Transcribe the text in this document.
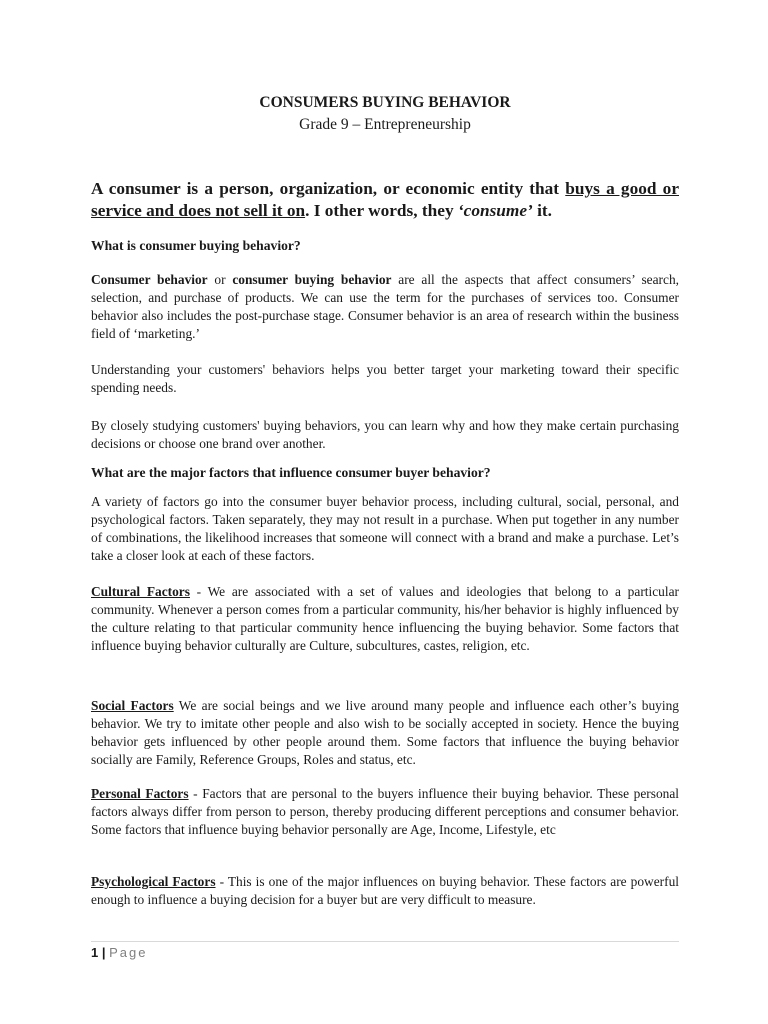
CONSUMERS BUYING BEHAVIOR
Grade 9 – Entrepreneurship

A consumer is a person, organization, or economic entity that buys a good or service and does not sell it on. I other words, they ‘consume’ it.

What is consumer buying behavior?

Consumer behavior or consumer buying behavior are all the aspects that affect consumers’ search, selection, and purchase of products. We can use the term for the purchases of services too. Consumer behavior also includes the post-purchase stage. Consumer behavior is an area of research within the business field of ‘marketing.’

Understanding your customers' behaviors helps you better target your marketing toward their specific spending needs.

By closely studying customers' buying behaviors, you can learn why and how they make certain purchasing decisions or choose one brand over another.

What are the major factors that influence consumer buyer behavior?

A variety of factors go into the consumer buyer behavior process, including cultural, social, personal, and psychological factors. Taken separately, they may not result in a purchase. When put together in any number of combinations, the likelihood increases that someone will connect with a brand and make a purchase. Let’s take a closer look at each of these factors.

Cultural Factors - We are associated with a set of values and ideologies that belong to a particular community. Whenever a person comes from a particular community, his/her behavior is highly influenced by the culture relating to that particular community hence influencing the buying behavior. Some factors that influence buying behavior culturally are Culture, subcultures, castes, religion, etc.

Social Factors We are social beings and we live around many people and influence each other’s buying behavior. We try to imitate other people and also wish to be socially accepted in society. Hence the buying behavior gets influenced by other people around them. Some factors that influence the buying behavior socially are Family, Reference Groups, Roles and status, etc.

Personal Factors - Factors that are personal to the buyers influence their buying behavior. These personal factors always differ from person to person, thereby producing different perceptions and consumer behavior. Some factors that influence buying behavior personally are Age, Income, Lifestyle, etc

Psychological Factors - This is one of the major influences on buying behavior. These factors are powerful enough to influence a buying decision for a buyer but are very difficult to measure.

1 | Page
